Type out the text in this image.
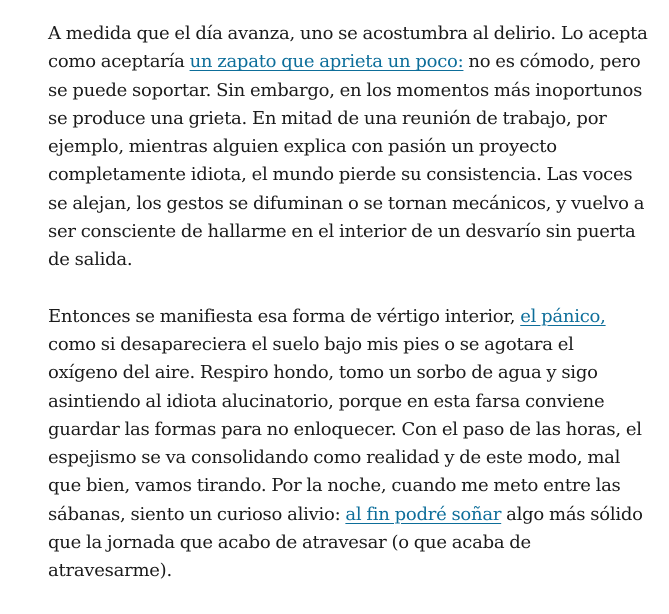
A medida que el día avanza, uno se acostumbra al delirio. Lo acepta como aceptaría un zapato que aprieta un poco: no es cómodo, pero se puede soportar. Sin embargo, en los momentos más inoportunos se produce una grieta. En mitad de una reunión de trabajo, por ejemplo, mientras alguien explica con pasión un proyecto completamente idiota, el mundo pierde su consistencia. Las voces se alejan, los gestos se difuminan o se tornan mecánicos, y vuelvo a ser consciente de hallarme en el interior de un desvarío sin puerta de salida.

Entonces se manifiesta esa forma de vértigo interior, el pánico, como si desapareciera el suelo bajo mis pies o se agotara el oxígeno del aire. Respiro hondo, tomo un sorbo de agua y sigo asintiendo al idiota alucinatorio, porque en esta farsa conviene guardar las formas para no enloquecer. Con el paso de las horas, el espejismo se va consolidando como realidad y de este modo, mal que bien, vamos tirando. Por la noche, cuando me meto entre las sábanas, siento un curioso alivio: al fin podré soñar algo más sólido que la jornada que acabo de atravesar (o que acaba de atravesarme).
